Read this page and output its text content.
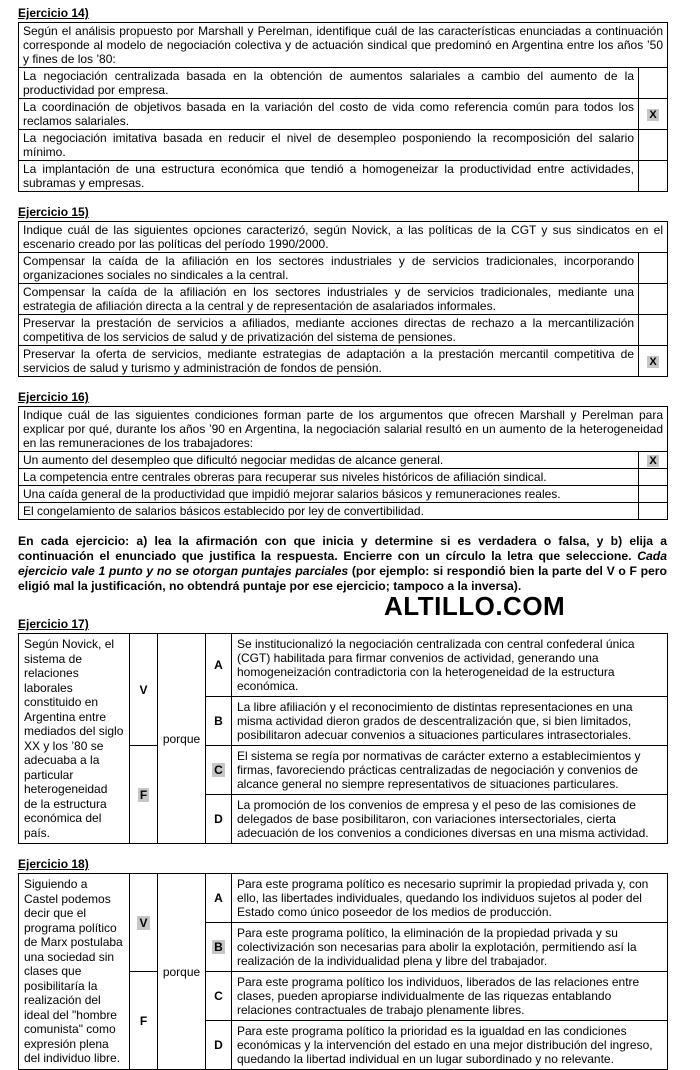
Ejercicio 14)
Según el análisis propuesto por Marshall y Perelman, identifique cuál de las características enunciadas a continuación corresponde al modelo de negociación colectiva y de actuación sindical que predominó en Argentina entre los años ’50 y fines de los ’80:	
La negociación centralizada basada en la obtención de aumentos salariales a cambio del aumento de la productividad por empresa.	
La coordinación de objetivos basada en la variación del costo de vida como referencia común para todos los reclamos salariales.	X
La negociación imitativa basada en reducir el nivel de desempleo posponiendo la recomposición del salario mínimo.	
La implantación de una estructura económica que tendió a homogeneizar la productividad entre actividades, subramas y empresas.	
Ejercicio 15)
Indique cuál de las siguientes opciones caracterizó, según Novick, a las políticas de la CGT y sus sindicatos en el escenario creado por las políticas del período 1990/2000.	
Compensar la caída de la afiliación en los sectores industriales y de servicios tradicionales, incorporando organizaciones sociales no sindicales a la central.	
Compensar la caída de la afiliación en los sectores industriales y de servicios tradicionales, mediante una estrategia de afiliación directa a la central y de representación de asalariados informales.	
Preservar la prestación de servicios a afiliados, mediante acciones directas de rechazo a la mercantilización competitiva de los servicios de salud y de privatización del sistema de pensiones.	
Preservar la oferta de servicios, mediante estrategias de adaptación a la prestación mercantil competitiva de servicios de salud y turismo y administración de fondos de pensión.	X
Ejercicio 16)
Indique cuál de las siguientes condiciones forman parte de los argumentos que ofrecen Marshall y Perelman para explicar por qué, durante los años ’90 en Argentina, la negociación salarial resultó en un aumento de la heterogeneidad en las remuneraciones de los trabajadores:	
Un aumento del desempleo que dificultó negociar medidas de alcance general.	X
La competencia entre centrales obreras para recuperar sus niveles históricos de afiliación sindical.	
Una caída general de la productividad que impidió mejorar salarios básicos y remuneraciones reales.	
El congelamiento de salarios básicos establecido por ley de convertibilidad.	

En cada ejercicio: a) lea la afirmación con que inicia y determine si es verdadera o falsa, y b) elija a continuación el enunciado que justifica la respuesta. Encierre con un círculo la letra que seleccione. Cada ejercicio vale 1 punto y no se otorgan puntajes parciales (por ejemplo: si respondió bien la parte del V o F pero eligió mal la justificación, no obtendrá puntaje por ese ejercicio; tampoco a la inversa).

ALTILLO.COM
Ejercicio 17)
Según Novick, el sistema de relaciones laborales constituido en Argentina entre mediados del siglo XX y los ’80 se adecuaba a la particular heterogeneidad de la estructura económica del país.	V	porque	A	Se institucionalizó la negociación centralizada con central confederal única (CGT) habilitada para firmar convenios de actividad, generando una homogeneización contradictoria con la heterogeneidad de la estructura económica.
			B	La libre afiliación y el reconocimiento de distintas representaciones en una misma actividad dieron grados de descentralización que, si bien limitados, posibilitaron adecuar convenios a situaciones particulares intrasectoriales.
	F		C	El sistema se regía por normativas de carácter externo a establecimientos y firmas, favoreciendo prácticas centralizadas de negociación y convenios de alcance general no siempre representativos de situaciones particulares.
			D	La promoción de los convenios de empresa y el peso de las comisiones de delegados de base posibilitaron, con variaciones intersectoriales, cierta adecuación de los convenios a condiciones diversas en una misma actividad.
Ejercicio 18)
Siguiendo a Castel podemos decir que el programa político de Marx postulaba una sociedad sin clases que posibilitaría la realización del ideal del "hombre comunista" como expresión plena del individuo libre.	V	porque	A	Para este programa político es necesario suprimir la propiedad privada y, con ello, las libertades individuales, quedando los individuos sujetos al poder del Estado como único poseedor de los medios de producción.
			B	Para este programa político, la eliminación de la propiedad privada y su colectivización son necesarias para abolir la explotación, permitiendo así la realización de la individualidad plena y libre del trabajador.
	F		C	Para este programa político los individuos, liberados de las relaciones entre clases, pueden apropiarse individualmente de las riquezas entablando relaciones contractuales de trabajo plenamente libres.
			D	Para este programa político la prioridad es la igualdad en las condiciones económicas y la intervención del estado en una mejor distribución del ingreso, quedando la libertad individual en un lugar subordinado y no relevante.
